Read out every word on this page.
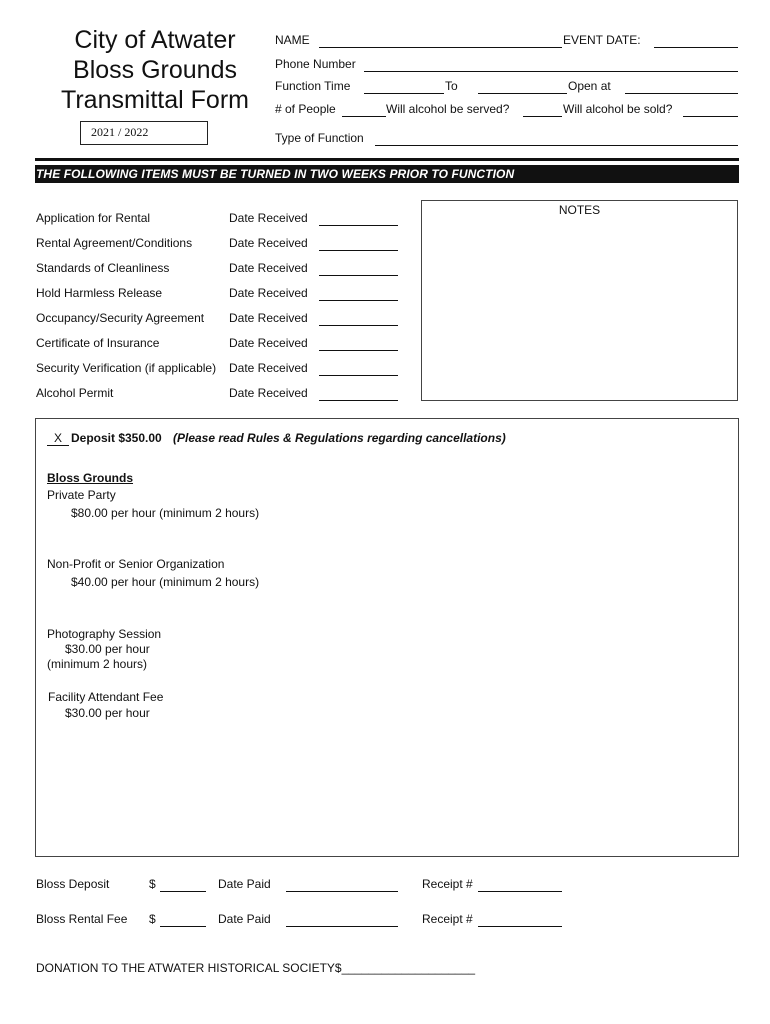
City of Atwater
Bloss Grounds
Transmittal Form
2021 / 2022
NAME	EVENT DATE:
Phone Number
Function Time	To	Open at
# of People	Will alcohol be served?	Will alcohol be sold?
Type of Function
THE FOLLOWING ITEMS MUST BE TURNED IN TWO WEEKS PRIOR TO FUNCTION
Application for Rental	Date Received
Rental Agreement/Conditions	Date Received
Standards of Cleanliness	Date Received
Hold Harmless Release	Date Received
Occupancy/Security Agreement Date Received
Certificate of Insurance	Date Received
Security Verification (if applicable) Date Received
Alcohol Permit	Date Received
NOTES
X Deposit $350.00 (Please read Rules & Regulations regarding cancellations)
Bloss Grounds
Private Party
$80.00 per hour (minimum 2 hours)
Non-Profit or Senior Organization
$40.00 per hour (minimum 2 hours)
Photography Session
$30.00 per hour
(minimum 2 hours)
Facility Attendant Fee
$30.00 per hour
Bloss Deposit	$	Date Paid	Receipt #
Bloss Rental Fee $	Date Paid	Receipt #
DONATION TO THE ATWATER HISTORICAL SOCIETY$____________________
